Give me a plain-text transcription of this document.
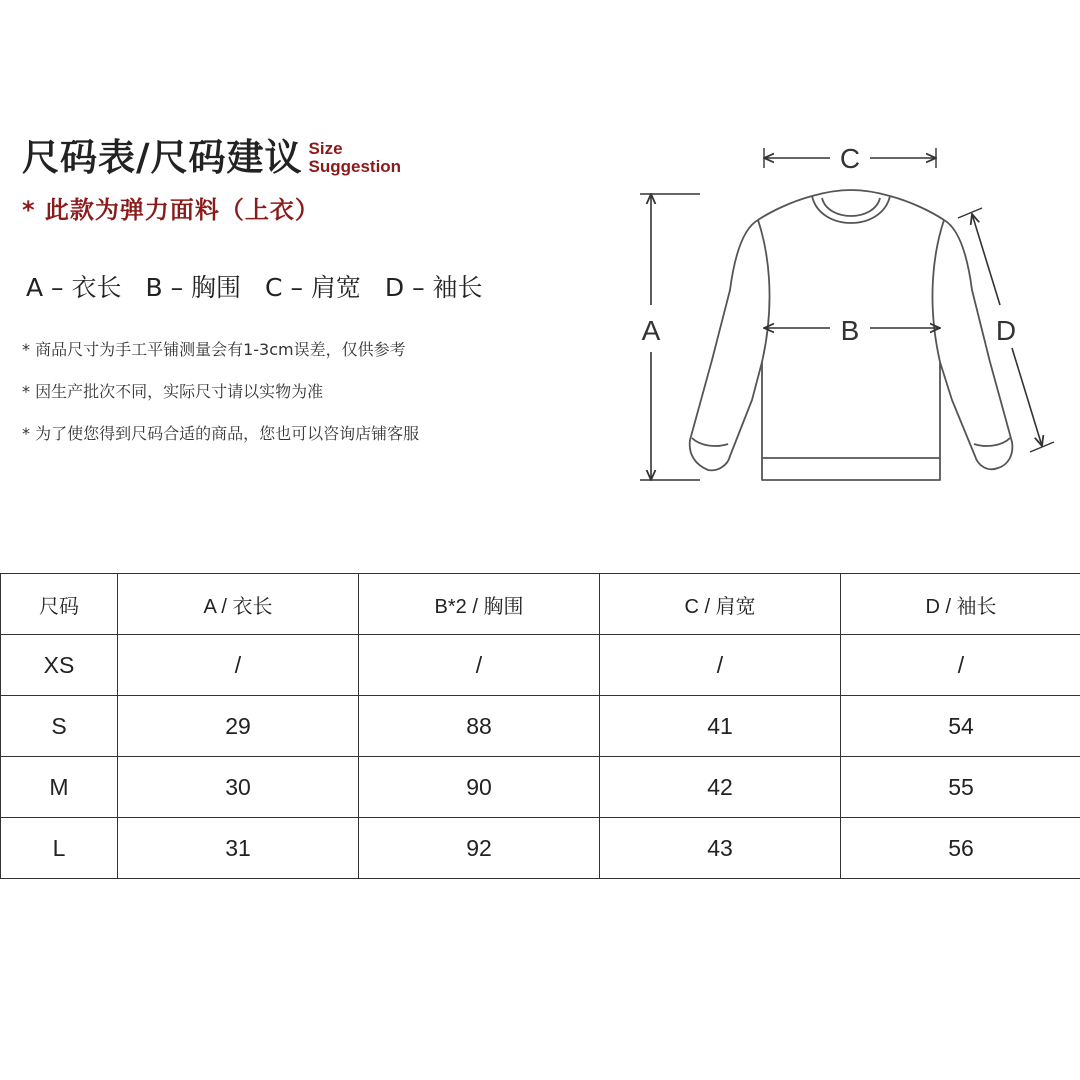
尺码表/尺码建议 Size
Suggestion
* 此款为弹力面料（上衣）
A – 衣长 B – 胸围 C – 肩宽 D – 袖长
* 商品尺寸为手工平铺测量会有1-3cm误差，仅供参考
* 因生产批次不同，实际尺寸请以实物为准
* 为了使您得到尺码合适的商品，您也可以咨询店铺客服
C
A	B	D
尺码	A / 衣长	B*2 / 胸围	C / 肩宽	D / 袖长
XS	/	/	/	/
S	29	88	41	54
M	30	90	42	55
L	31	92	43	56
